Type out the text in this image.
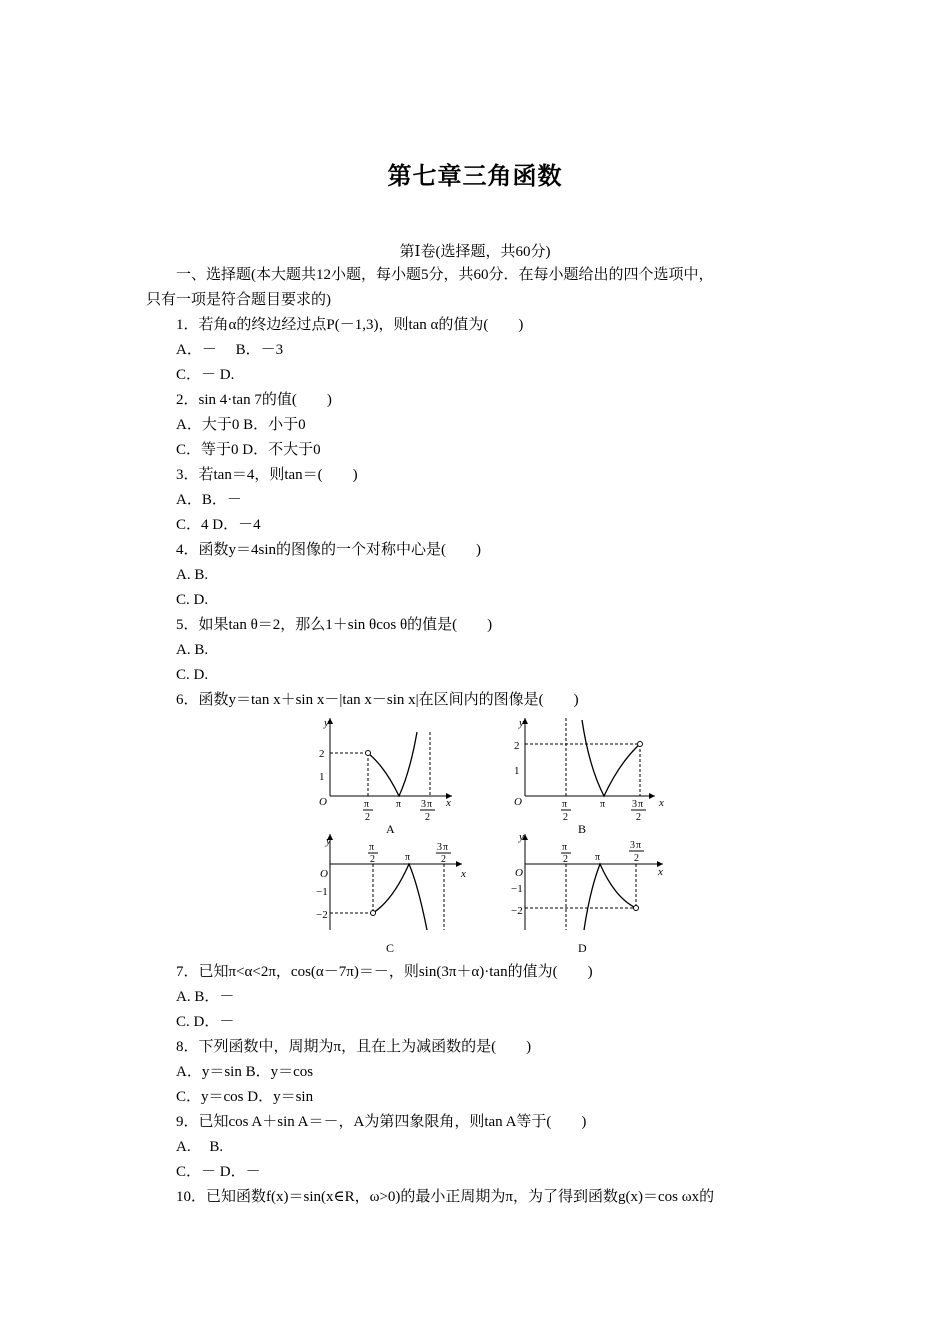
第七章三角函数
第Ⅰ卷(选择题，共60分)
一、选择题(本大题共12小题，每小题5分，共60分．在每小题给出的四个选项中，
只有一项是符合题目要求的)
1．若角α的终边经过点P(－1,3)，则tan α的值为(　　)
A．－　 B．－3
C．－ D.
2．sin 4·tan 7的值(　　)
A．大于0 B．小于0
C．等于0 D．不大于0
3．若tan＝4，则tan＝(　　)
A．B．－
C．4 D．－4
4．函数y＝4sin的图像的一个对称中心是(　　)
A. B.
C. D.
5．如果tan θ＝2，那么1＋sin θcos θ的值是(　　)
A. B.
C. D.
6．函数y＝tan x＋sin x－|tan x－sin x|在区间内的图像是(　　)
y
x
O
2
1
π
2
π 3 π
2
A
y
x
O
2
1
π
2
π	3 π
2
B
y
x
O
−1
−2
π
2	π
3 π
2
C
y
x
O
−1
−2
π
2	π
3 π
2
D
7．已知π<α<2π，cos(α－7π)＝－，则sin(3π＋α)·tan的值为(　　)
A. B．－
C. D．－
8．下列函数中，周期为π，且在上为减函数的是(　　)
A．y＝sin B．y＝cos
C．y＝cos D．y＝sin
9．已知cos A＋sin A＝－，A为第四象限角，则tan A等于(　　)
A.　 B.
C．－ D．－
10．已知函数f(x)＝sin(x∈R，ω>0)的最小正周期为π，为了得到函数g(x)＝cos ωx的
